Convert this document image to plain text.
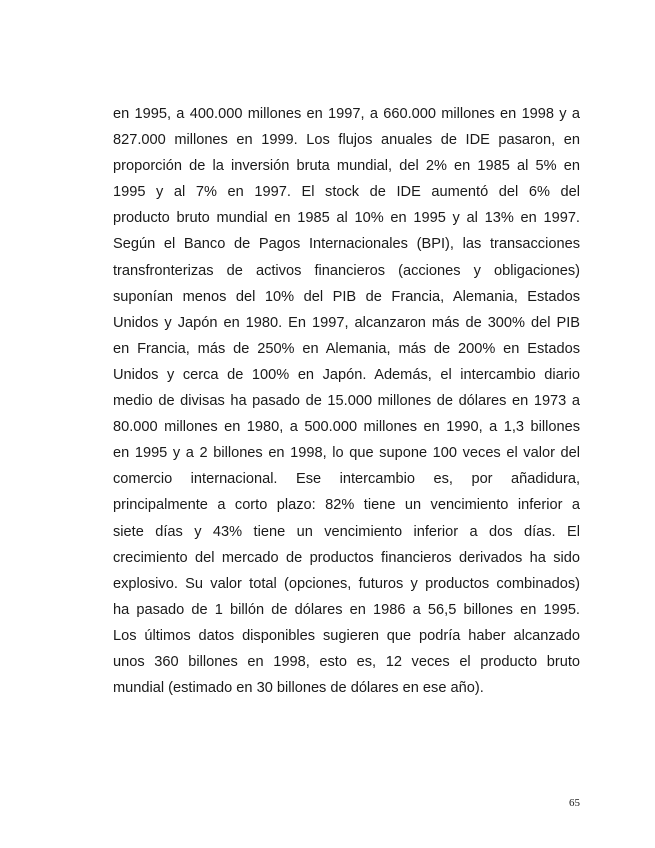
en 1995, a 400.000 millones en 1997, a 660.000 millones en 1998 y a
827.000 millones en 1999. Los flujos anuales de IDE pasaron, en
proporción de la inversión bruta mundial, del 2% en 1985 al 5% en
1995 y al 7% en 1997. El stock de IDE aumentó del 6% del
producto bruto mundial en 1985 al 10% en 1995 y al 13% en 1997.
Según el Banco de Pagos Internacionales (BPI), las transacciones
transfronterizas de activos financieros (acciones y obligaciones)
suponían menos del 10% del PIB de Francia, Alemania, Estados
Unidos y Japón en 1980. En 1997, alcanzaron más de 300% del PIB
en Francia, más de 250% en Alemania, más de 200% en Estados
Unidos y cerca de 100% en Japón. Además, el intercambio diario
medio de divisas ha pasado de 15.000 millones de dólares en 1973 a
80.000 millones en 1980, a 500.000 millones en 1990, a 1,3 billones
en 1995 y a 2 billones en 1998, lo que supone 100 veces el valor del
comercio internacional. Ese intercambio es, por añadidura,
principalmente a corto plazo: 82% tiene un vencimiento inferior a
siete días y 43% tiene un vencimiento inferior a dos días. El
crecimiento del mercado de productos financieros derivados ha sido
explosivo. Su valor total (opciones, futuros y productos combinados)
ha pasado de 1 billón de dólares en 1986 a 56,5 billones en 1995.
Los últimos datos disponibles sugieren que podría haber alcanzado
unos 360 billones en 1998, esto es, 12 veces el producto bruto
mundial (estimado en 30 billones de dólares en ese año).

65
